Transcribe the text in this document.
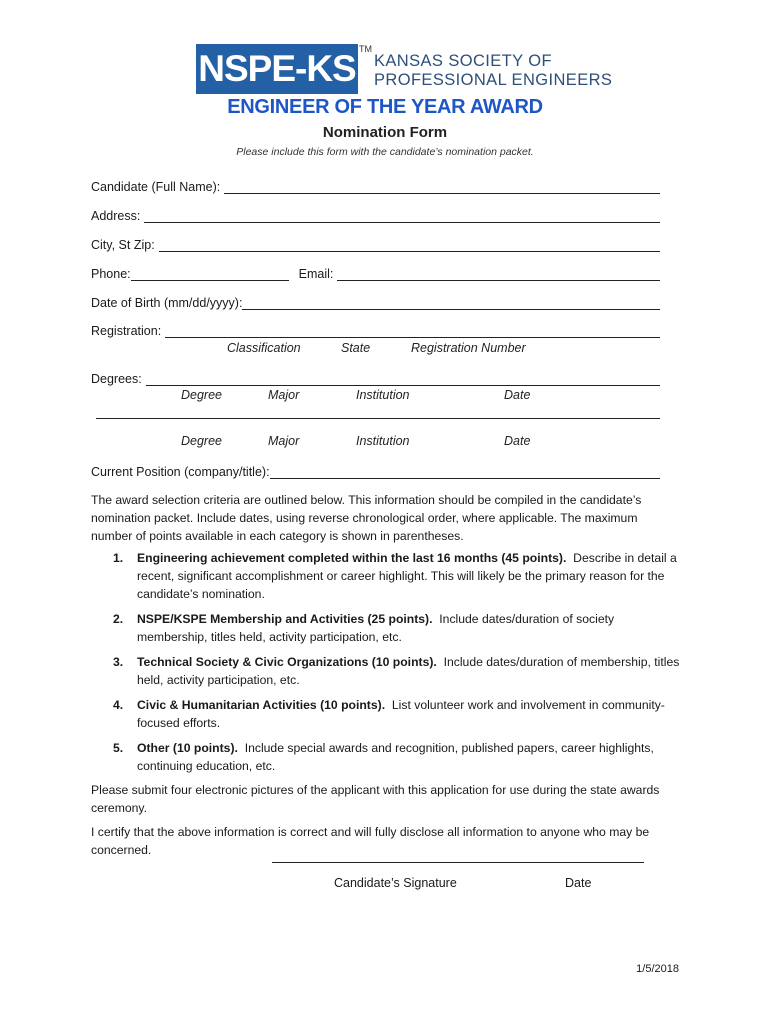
NSPE-KS TM
KANSAS SOCIETY OF
PROFESSIONAL ENGINEERS
ENGINEER OF THE YEAR AWARD
Nomination Form
Please include this form with the candidate’s nomination packet.
Candidate (Full Name):
Address:
City, St Zip:
Phone:	Email:
Date of Birth (mm/dd/yyyy):
Registration:
Classification	State	Registration Number
Degrees:
Degree	Major	Institution	Date
Degree	Major	Institution	Date
Current Position (company/title):
The award selection criteria are outlined below. This information should be compiled in the candidate’s nomination packet. Include dates, using reverse chronological order, where applicable. The maximum number of points available in each category is shown in parentheses.
1. Engineering achievement completed within the last 16 months (45 points). Describe in detail a recent, significant accomplishment or career highlight. This will likely be the primary reason for the candidate’s nomination.
2. NSPE/KSPE Membership and Activities (25 points). Include dates/duration of society membership, titles held, activity participation, etc.
3. Technical Society & Civic Organizations (10 points). Include dates/duration of membership, titles held, activity participation, etc.
4. Civic & Humanitarian Activities (10 points). List volunteer work and involvement in community-focused efforts.
5. Other (10 points). Include special awards and recognition, published papers, career highlights, continuing education, etc.
Please submit four electronic pictures of the applicant with this application for use during the state awards ceremony.
I certify that the above information is correct and will fully disclose all information to anyone who may be concerned.
Candidate’s Signature	Date
1/5/2018
